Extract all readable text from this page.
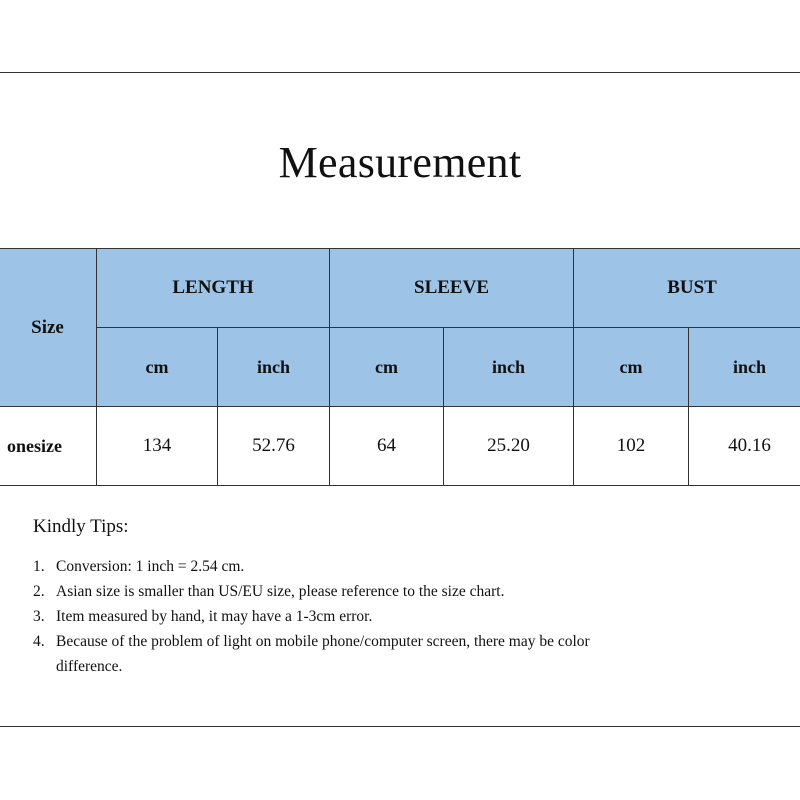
Measurement
Size	LENGTH		SLEEVE		BUST	
	cm	inch	cm	inch	cm	inch
onesize	134	52.76	64	25.20	102	40.16
Kindly Tips:
1. Conversion: 1 inch = 2.54 cm.
2. Asian size is smaller than US/EU size, please reference to the size chart.
3. Item measured by hand, it may have a 1-3cm error.
4. Because of the problem of light on mobile phone/computer screen, there may be color difference.
